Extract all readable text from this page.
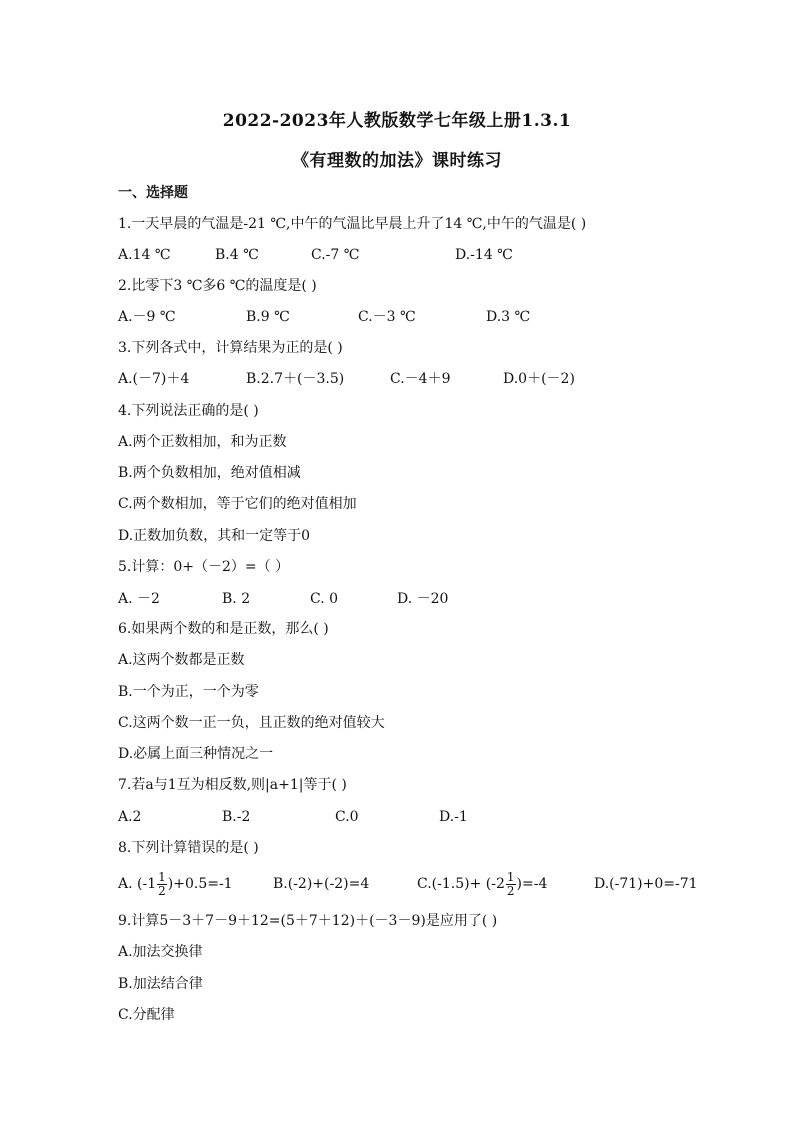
2022-2023年人教版数学七年级上册1.3.1
《有理数的加法》课时练习
一、选择题
1.一天早晨的气温是-21 ℃,中午的气温比早晨上升了14 ℃,中午的气温是( )
A.14 ℃	B.4 ℃	C.-7 ℃	D.-14 ℃
2.比零下3 ℃多6 ℃的温度是( )
A.－9 ℃	B.9 ℃	C.－3 ℃	D.3 ℃
3.下列各式中，计算结果为正的是( )
A.(－7)＋4	B.2.7＋(－3.5)	C.－4＋9	D.0＋(－2)
4.下列说法正确的是( )
A.两个正数相加，和为正数
B.两个负数相加，绝对值相减
C.两个数相加，等于它们的绝对值相加
D.正数加负数，其和一定等于0
5.计算：0+（－2）=（ ）
A. －2	B. 2	C. 0	D. －20
6.如果两个数的和是正数，那么( )
A.这两个数都是正数
B.一个为正，一个为零
C.这两个数一正一负，且正数的绝对值较大
D.必属上面三种情况之一
7.若a与1互为相反数,则|a+1|等于( )
A.2	B.-2	C.0	D.-1
8.下列计算错误的是( )
A. $(-1 \frac{1}{2} )+0.5=-1$	B.(-2)+(-2)=4	$C.(-1.5)+ (-2 \frac{1}{2} )=-4$	D.(-71)+0=-71
9.计算5－3＋7－9＋12=(5＋7＋12)＋(－3－9)是应用了( )
A.加法交换律
B.加法结合律
C.分配律
